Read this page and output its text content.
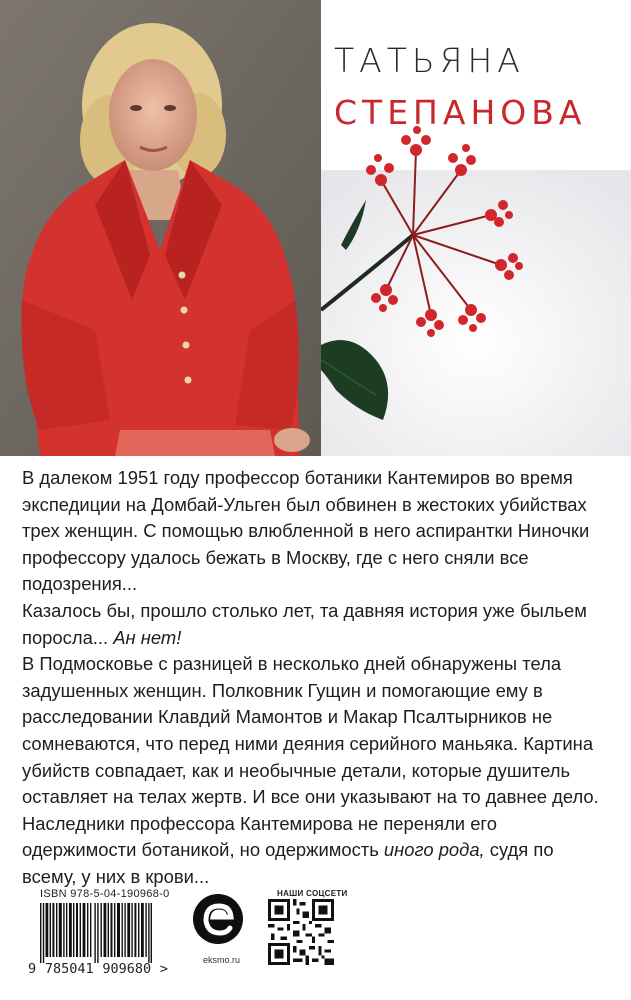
ТАТЬЯНА
СТЕПАНОВА

В далеком 1951 году профессор ботаники Кантемиров во время экспедиции на Домбай-Ульген был обвинен в жестоких убийствах трех женщин. С помощью влюбленной в него аспирантки Ниночки профессору удалось бежать в Москву, где с него сняли все подозрения...

Казалось бы, прошло столько лет, та давняя история уже быльем поросла... Ан нет!

В Подмосковье с разницей в несколько дней обнаружены тела задушенных женщин. Полковник Гущин и помогающие ему в расследовании Клавдий Мамонтов и Макар Псалтырников не сомневаются, что перед ними деяния серийного маньяка. Картина убийств совпадает, как и необычные детали, которые душитель оставляет на телах жертв. И все они указывают на то давнее дело. Наследники профессора Кантемирова не переняли его одержимости ботаникой, но одержимость иного рода, судя по всему, у них в крови...

ISBN 978-5-04-190968-0
9 785041 909680 >
eksmo.ru
НАШИ СОЦСЕТИ
